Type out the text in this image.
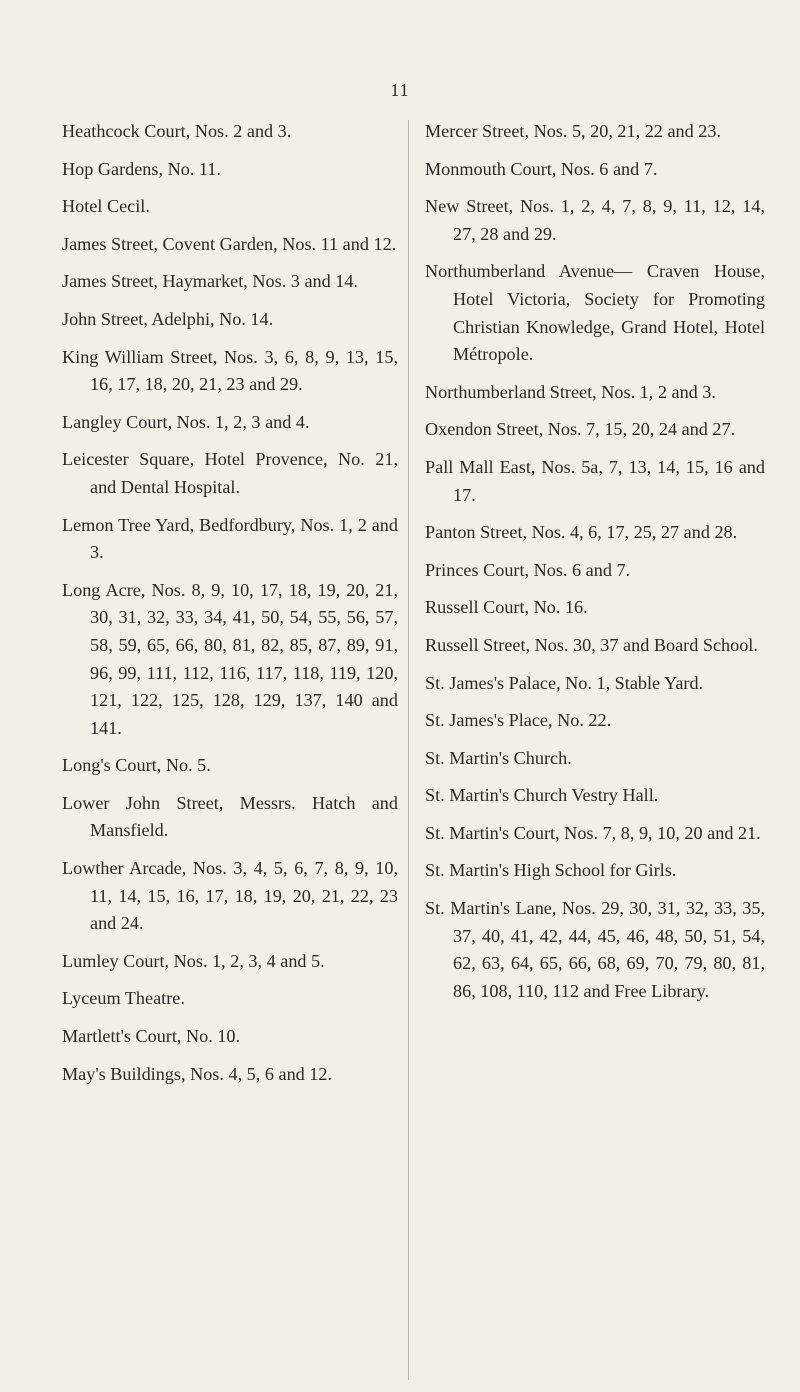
11

Heathcock Court, Nos. 2 and 3.

Hop Gardens, No. 11.

Hotel Cecil.

James Street, Covent Garden, Nos. 11 and 12.

James Street, Haymarket, Nos. 3 and 14.

John Street, Adelphi, No. 14.

King William Street, Nos. 3, 6, 8, 9, 13, 15, 16, 17, 18, 20, 21, 23 and 29.

Langley Court, Nos. 1, 2, 3 and 4.

Leicester Square, Hotel Provence, No. 21, and Dental Hospital.

Lemon Tree Yard, Bedfordbury, Nos. 1, 2 and 3.

Long Acre, Nos. 8, 9, 10, 17, 18, 19, 20, 21, 30, 31, 32, 33, 34, 41, 50, 54, 55, 56, 57, 58, 59, 65, 66, 80, 81, 82, 85, 87, 89, 91, 96, 99, 111, 112, 116, 117, 118, 119, 120, 121, 122, 125, 128, 129, 137, 140 and 141.

Long's Court, No. 5.

Lower John Street, Messrs. Hatch and Mansfield.

Lowther Arcade, Nos. 3, 4, 5, 6, 7, 8, 9, 10, 11, 14, 15, 16, 17, 18, 19, 20, 21, 22, 23 and 24.

Lumley Court, Nos. 1, 2, 3, 4 and 5.

Lyceum Theatre.

Martlett's Court, No. 10.

May's Buildings, Nos. 4, 5, 6 and 12.

Mercer Street, Nos. 5, 20, 21, 22 and 23.

Monmouth Court, Nos. 6 and 7.

New Street, Nos. 1, 2, 4, 7, 8, 9, 11, 12, 14, 27, 28 and 29.

Northumberland Avenue— Craven House, Hotel Victoria, Society for Promoting Christian Knowledge, Grand Hotel, Hotel Métropole.

Northumberland Street, Nos. 1, 2 and 3.

Oxendon Street, Nos. 7, 15, 20, 24 and 27.

Pall Mall East, Nos. 5a, 7, 13, 14, 15, 16 and 17.

Panton Street, Nos. 4, 6, 17, 25, 27 and 28.

Princes Court, Nos. 6 and 7.

Russell Court, No. 16.

Russell Street, Nos. 30, 37 and Board School.

St. James's Palace, No. 1, Stable Yard.

St. James's Place, No. 22.

St. Martin's Church.

St. Martin's Church Vestry Hall.

St. Martin's Court, Nos. 7, 8, 9, 10, 20 and 21.

St. Martin's High School for Girls.

St. Martin's Lane, Nos. 29, 30, 31, 32, 33, 35, 37, 40, 41, 42, 44, 45, 46, 48, 50, 51, 54, 62, 63, 64, 65, 66, 68, 69, 70, 79, 80, 81, 86, 108, 110, 112 and Free Library.
